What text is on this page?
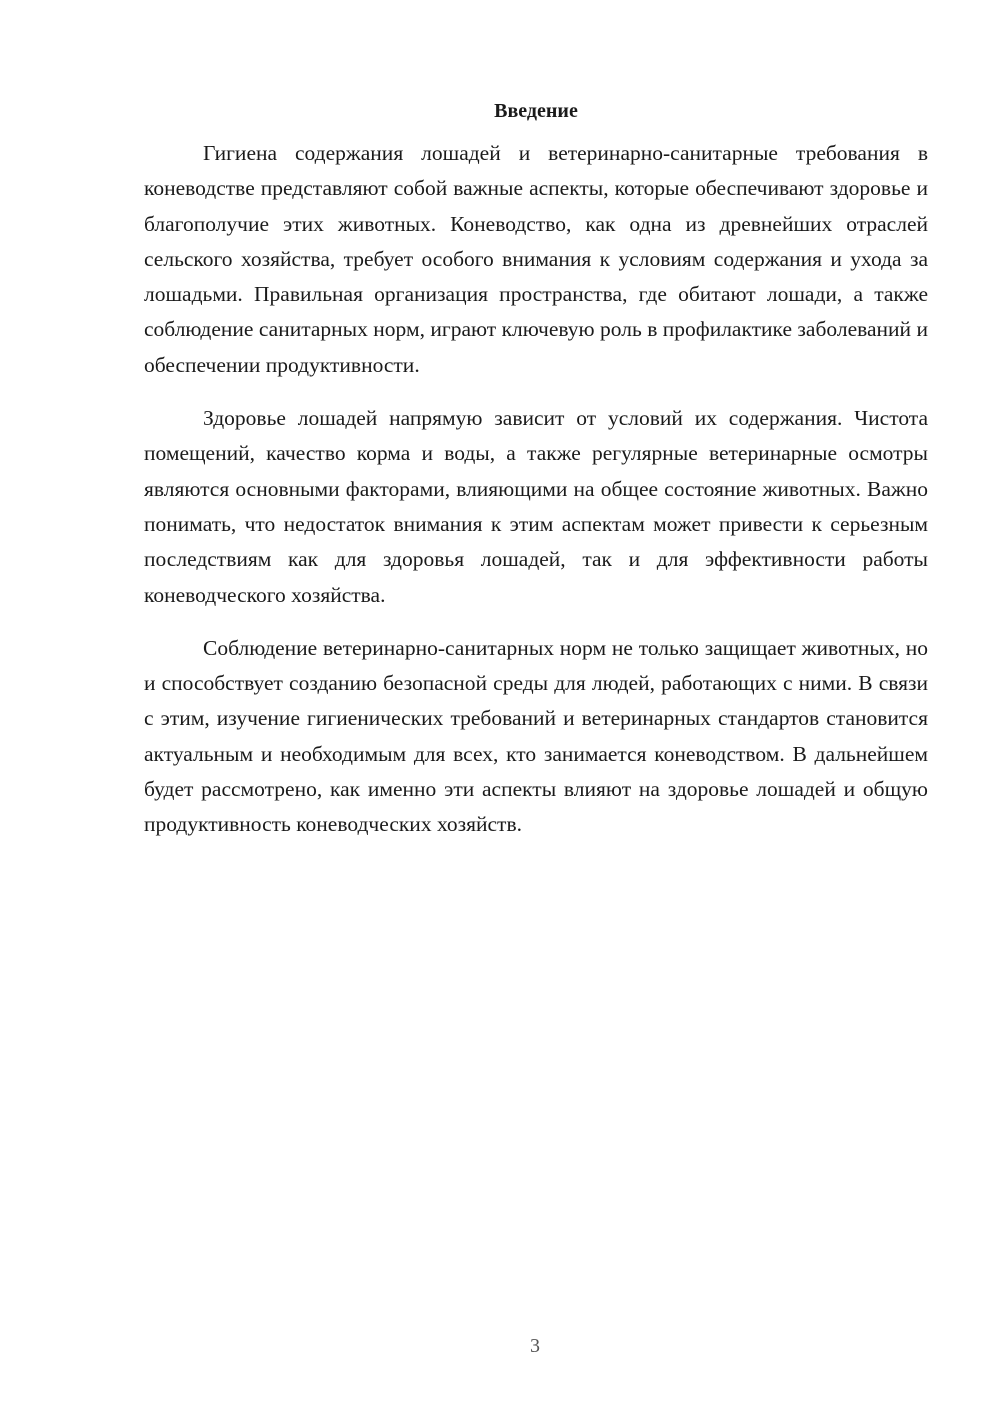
Введение

Гигиена содержания лошадей и ветеринарно-санитарные требования в коневодстве представляют собой важные аспекты, которые обеспечивают здоровье и благополучие этих животных. Коневодство, как одна из древнейших отраслей сельского хозяйства, требует особого внимания к условиям содержания и ухода за лошадьми. Правильная организация пространства, где обитают лошади, а также соблюдение санитарных норм, играют ключевую роль в профилактике заболеваний и обеспечении продуктивности.

Здоровье лошадей напрямую зависит от условий их содержания. Чистота помещений, качество корма и воды, а также регулярные ветеринарные осмотры являются основными факторами, влияющими на общее состояние животных. Важно понимать, что недостаток внимания к этим аспектам может привести к серьезным последствиям как для здоровья лошадей, так и для эффективности работы коневодческого хозяйства.

Соблюдение ветеринарно-санитарных норм не только защищает животных, но и способствует созданию безопасной среды для людей, работающих с ними. В связи с этим, изучение гигиенических требований и ветеринарных стандартов становится актуальным и необходимым для всех, кто занимается коневодством. В дальнейшем будет рассмотрено, как именно эти аспекты влияют на здоровье лошадей и общую продуктивность коневодческих хозяйств.

3
